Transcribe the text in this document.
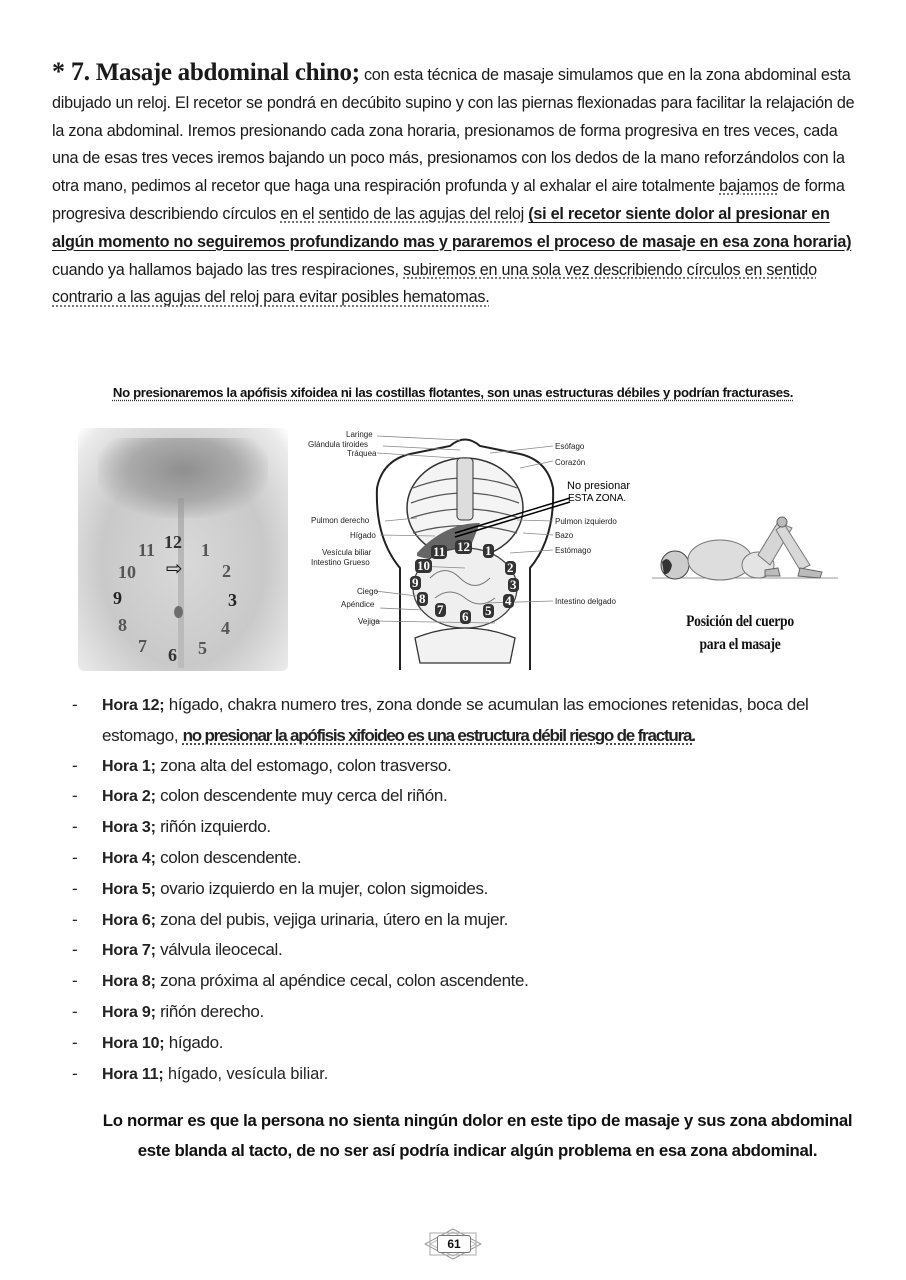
* 7. Masaje abdominal chino; con esta técnica de masaje simulamos que en la zona abdominal esta dibujado un reloj. El recetor se pondrá en decúbito supino y con las piernas flexionadas para facilitar la relajación de la zona abdominal. Iremos presionando cada zona horaria, presionamos de forma progresiva en tres veces, cada una de esas tres veces iremos bajando un poco más, presionamos con los dedos de la mano reforzándolos con la otra mano, pedimos al recetor que haga una respiración profunda y al exhalar el aire totalmente bajamos de forma progresiva describiendo círculos en el sentido de las agujas del reloj (si el recetor siente dolor al presionar en algún momento no seguiremos profundizando mas y pararemos el proceso de masaje en esa zona horaria) cuando ya hallamos bajado las tres respiraciones, subiremos en una sola vez describiendo círculos en sentido contrario a las agujas del reloj para evitar posibles hematomas.
No presionaremos la apófisis xifoidea ni las costillas flotantes, son unas estructuras débiles y podrían fracturases.
12 1
2
3
4
5
6
7
8
9
10
11
⇨
Laringe
Glándula tiroides
Tráquea
Pulmon derecho
Hígado
Vesícula biliar
Intestino Grueso
Ciego
Apéndice
Vejiga
Esófago
Corazón
Pulmon izquierdo
Bazo
Estómago
Intestino delgado
No presionar
ESTA ZONA.
12 1
2
3
4
5
6
7
8
9
10
11
Posición del cuerpo
para el masaje
- Hora 12; hígado, chakra numero tres, zona donde se acumulan las emociones retenidas, boca del estomago, no presionar la apófisis xifoideo es una estructura débil riesgo de fractura.
- Hora 1; zona alta del estomago, colon trasverso.
- Hora 2; colon descendente muy cerca del riñón.
- Hora 3; riñón izquierdo.
- Hora 4; colon descendente.
- Hora 5; ovario izquierdo en la mujer, colon sigmoides.
- Hora 6; zona del pubis, vejiga urinaria, útero en la mujer.
- Hora 7; válvula ileocecal.
- Hora 8; zona próxima al apéndice cecal, colon ascendente.
- Hora 9; riñón derecho.
- Hora 10; hígado.
- Hora 11; hígado, vesícula biliar.
Lo normar es que la persona no sienta ningún dolor en este tipo de masaje y sus zona abdominal este blanda al tacto, de no ser así podría indicar algún problema en esa zona abdominal.
61
